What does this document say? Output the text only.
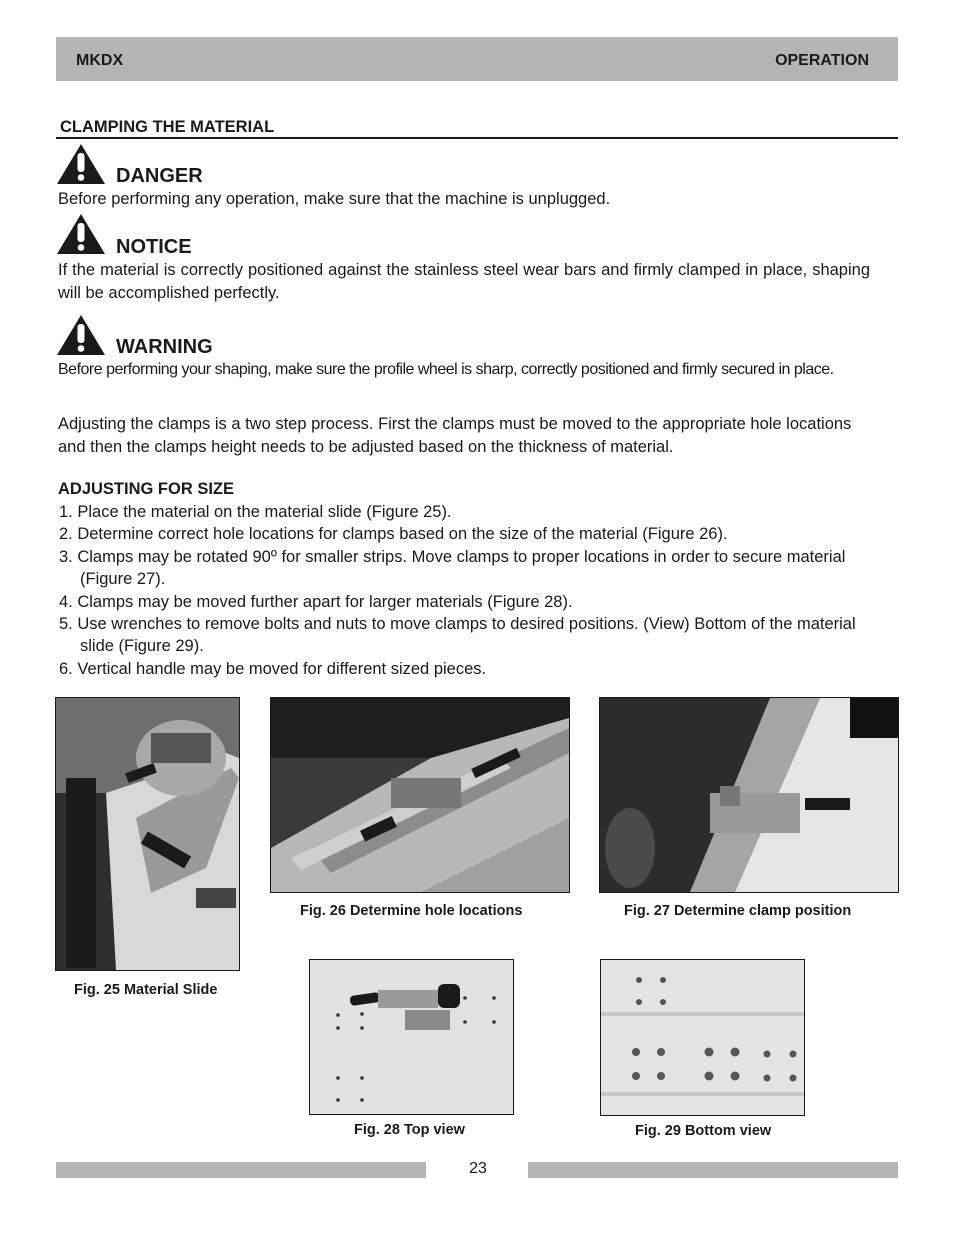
MKDX	OPERATION
CLAMPING THE MATERIAL
DANGER

Before performing any operation, make sure that the machine is unplugged.

NOTICE

If the material is correctly positioned against the stainless steel wear bars and firmly clamped in place, shaping will be accomplished perfectly.

WARNING

Before performing your shaping, make sure the profile wheel is sharp, correctly positioned and firmly secured in place.

Adjusting the clamps is a two step process. First the clamps must be moved to the appropriate hole locations and then the clamps height needs to be adjusted based on the thickness of material.

ADJUSTING FOR SIZE
1. Place the material on the material slide (Figure 25).
2. Determine correct hole locations for clamps based on the size of the material (Figure 26).
3. Clamps may be rotated 90º for smaller strips. Move clamps to proper locations in order to secure material (Figure 27).
4. Clamps may be moved further apart for larger materials (Figure 28).
5. Use wrenches to remove bolts and nuts to move clamps to desired positions. (View) Bottom of the material slide (Figure 29).
6. Vertical handle may be moved for different sized pieces.
Fig. 25 Material Slide
Fig. 26 Determine hole locations	Fig. 27 Determine clamp position
Fig. 28 Top view	Fig. 29 Bottom view
23
